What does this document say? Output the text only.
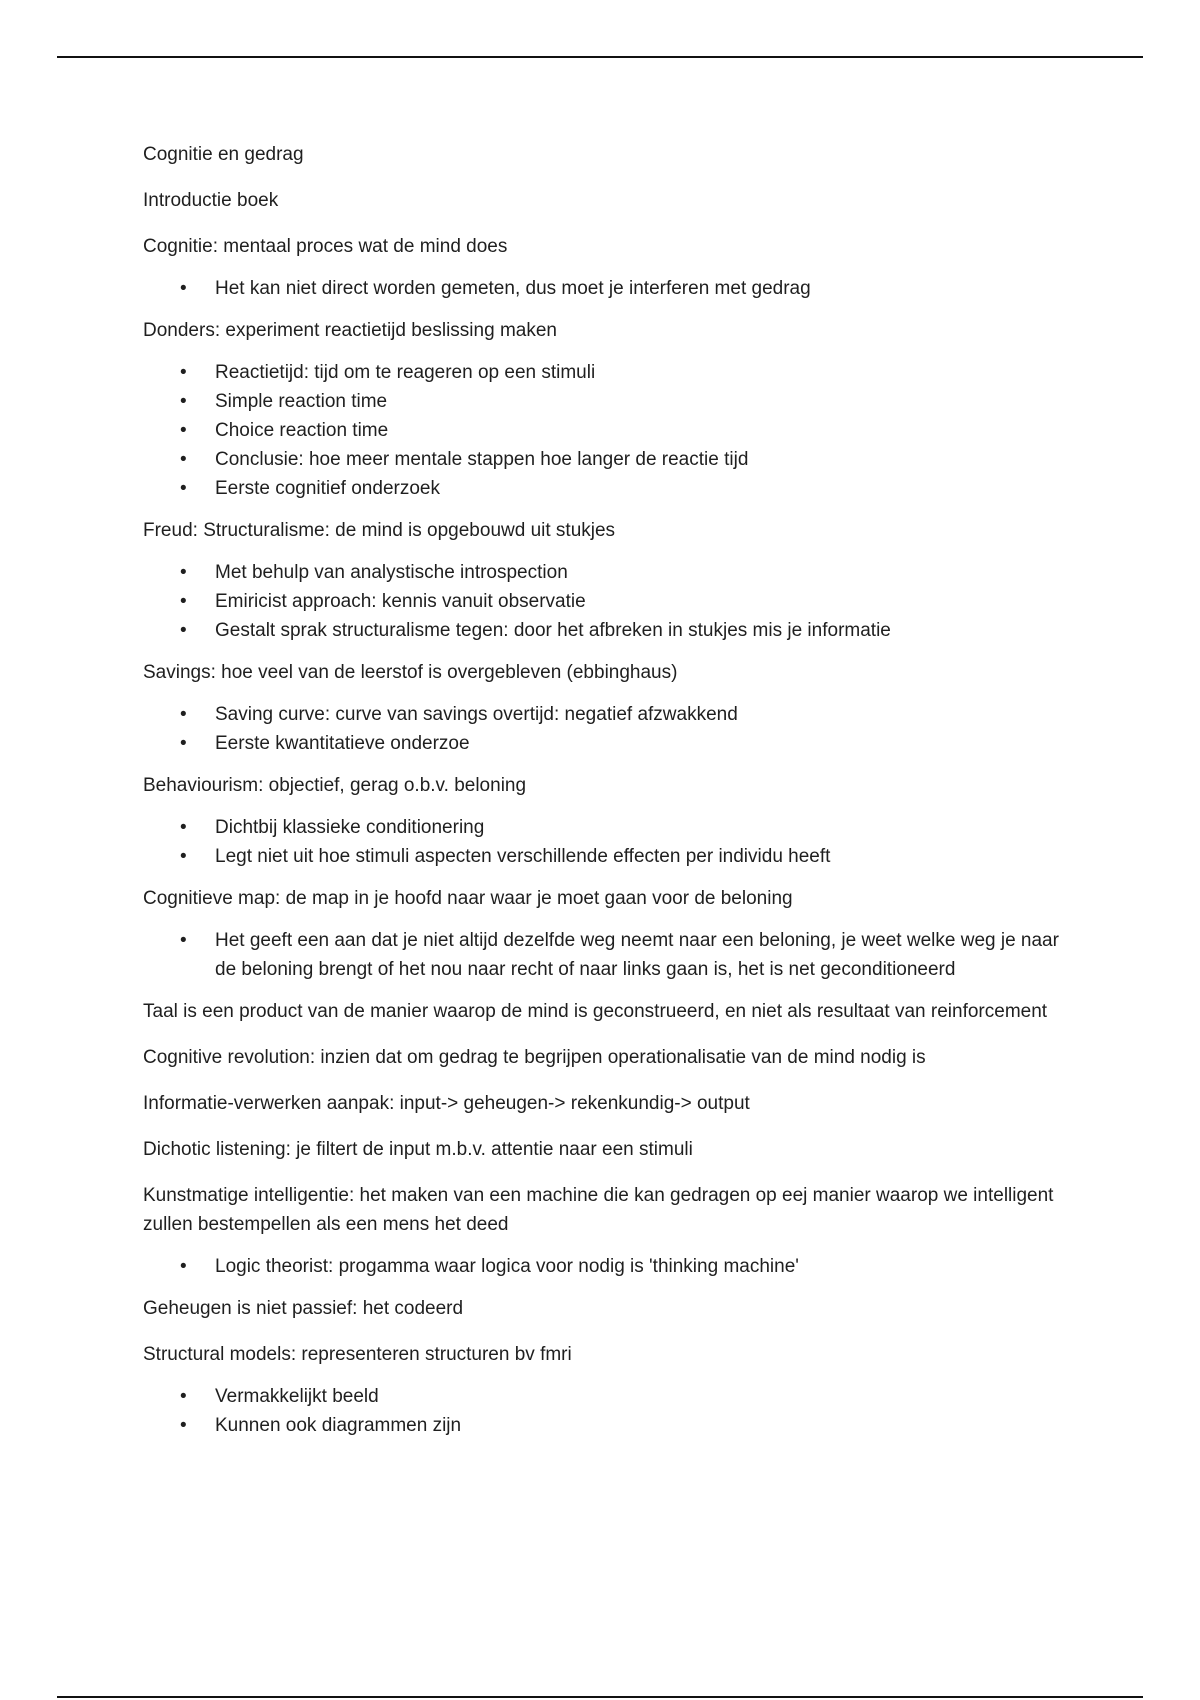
Cognitie en gedrag

Introductie boek

Cognitie: mentaal proces wat de mind does

• Het kan niet direct worden gemeten, dus moet je interferen met gedrag

Donders: experiment reactietijd beslissing maken

• Reactietijd: tijd om te reageren op een stimuli
• Simple reaction time
• Choice reaction time
• Conclusie: hoe meer mentale stappen hoe langer de reactie tijd
• Eerste cognitief onderzoek

Freud: Structuralisme: de mind is opgebouwd uit stukjes

• Met behulp van analystische introspection
• Emiricist approach: kennis vanuit observatie
• Gestalt sprak structuralisme tegen: door het afbreken in stukjes mis je informatie

Savings: hoe veel van de leerstof is overgebleven (ebbinghaus)

• Saving curve: curve van savings overtijd: negatief afzwakkend
• Eerste kwantitatieve onderzoe

Behaviourism: objectief, gerag o.b.v. beloning

• Dichtbij klassieke conditionering
• Legt niet uit hoe stimuli aspecten verschillende effecten per individu heeft

Cognitieve map: de map in je hoofd naar waar je moet gaan voor de beloning

• Het geeft een aan dat je niet altijd dezelfde weg neemt naar een beloning, je weet welke weg je naar de beloning brengt of het nou naar recht of naar links gaan is, het is net geconditioneerd

Taal is een product van de manier waarop de mind is geconstrueerd, en niet als resultaat van reinforcement

Cognitive revolution: inzien dat om gedrag te begrijpen operationalisatie van de mind nodig is

Informatie-verwerken aanpak: input-> geheugen-> rekenkundig-> output

Dichotic listening: je filtert de input m.b.v. attentie naar een stimuli

Kunstmatige intelligentie: het maken van een machine die kan gedragen op eej manier waarop we intelligent zullen bestempellen als een mens het deed

• Logic theorist: progamma waar logica voor nodig is 'thinking machine'

Geheugen is niet passief: het codeerd

Structural models: representeren structuren bv fmri

• Vermakkelijkt beeld
• Kunnen ook diagrammen zijn
